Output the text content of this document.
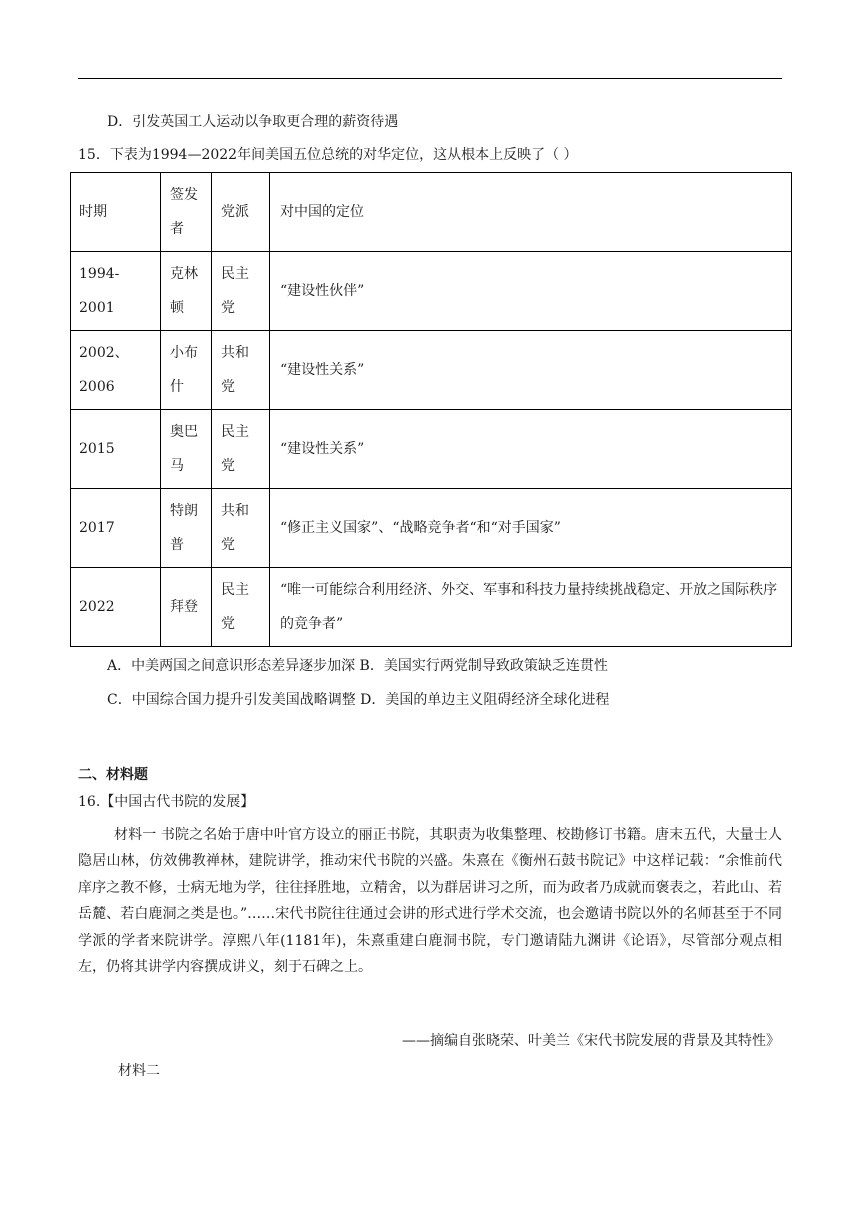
D．引发英国工人运动以争取更合理的薪资待遇
15．下表为1994—2022年间美国五位总统的对华定位，这从根本上反映了（ ）
时期	签发者	党派	对中国的定位

1994-2001	克林顿	民主党	“建设性伙伴”

2002、2006	小布什	共和党	“建设性关系”

2015	奥巴马	民主党	“建设性关系”

2017	特朗普	共和党	“修正主义国家”、“战略竞争者“和“对手国家”

2022	拜登	民主党	“唯一可能综合利用经济、外交、军事和科技力量持续挑战稳定、开放之国际秩序的竞争者”
A．中美两国之间意识形态差异逐步加深 B．美国实行两党制导致政策缺乏连贯性
C．中国综合国力提升引发美国战略调整 D．美国的单边主义阻碍经济全球化进程
二、材料题
16.【中国古代书院的发展】
材料一 书院之名始于唐中叶官方设立的丽正书院，其职责为收集整理、校勘修订书籍。唐末五代，大量士人隐居山林，仿效佛教禅林，建院讲学，推动宋代书院的兴盛。朱熹在《衡州石鼓书院记》中这样记载：“余惟前代庠序之教不修，士病无地为学，往往择胜地，立精舍，以为群居讲习之所，而为政者乃成就而褒表之，若此山、若岳麓、若白鹿洞之类是也。”……宋代书院往往通过会讲的形式进行学术交流，也会邀请书院以外的名师甚至于不同学派的学者来院讲学。淳熙八年(1181年)，朱熹重建白鹿洞书院，专门邀请陆九渊讲《论语》，尽管部分观点相左，仍将其讲学内容撰成讲义，刻于石碑之上。
——摘编自张晓荣、叶美兰《宋代书院发展的背景及其特性》
材料二
